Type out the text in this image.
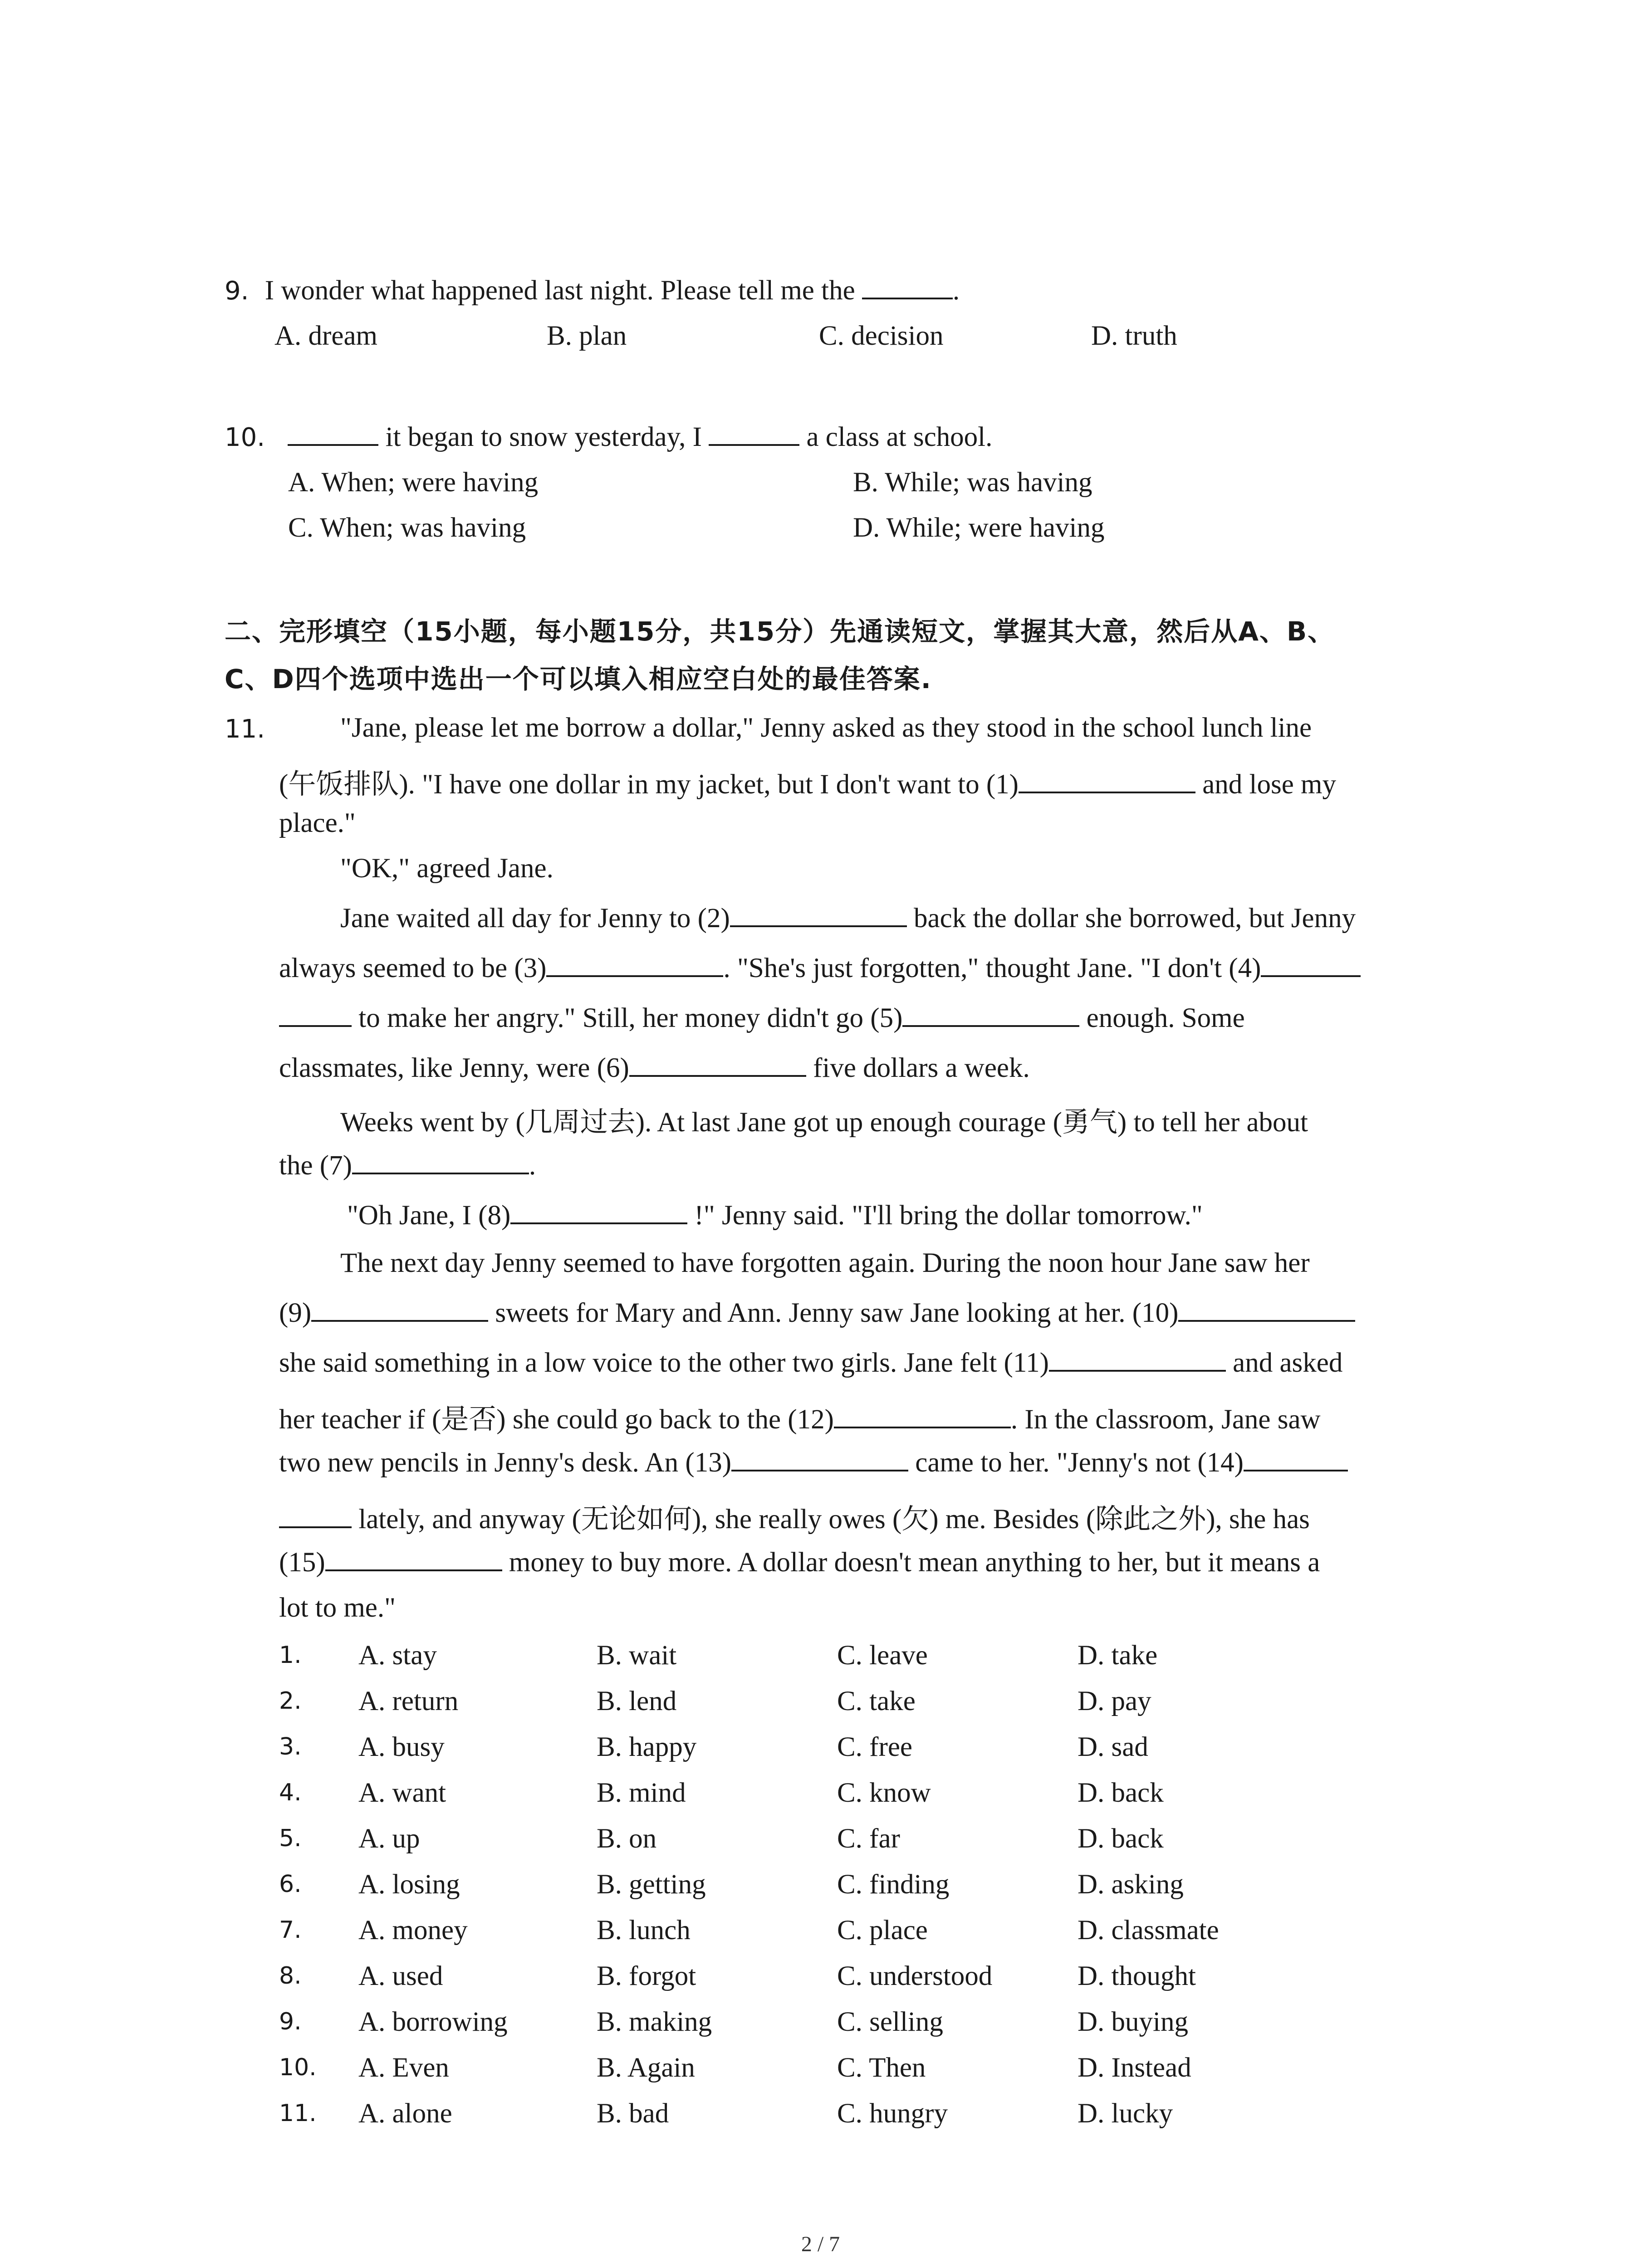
9. I wonder what happened last night. Please tell me the	.
A. dream	B. plan	C. decision	D. truth
10.	it began to snow yesterday, I	a class at school.
A. When; were having	B. While; was having
C. When; was having	D. While; were having
二、完形填空（15小题，每小题15分，共15分）先通读短文，掌握其大意，然后从A、B、
C、D四个选项中选出一个可以填入相应空白处的最佳答案.
11.	"Jane, please let me borrow a dollar," Jenny asked as they stood in the school lunch line
(午饭排队). "I have one dollar in my jacket, but I don't want to (1)	and lose my
place."
"OK," agreed Jane.
Jane waited all day for Jenny to (2)	back the dollar she borrowed, but Jenny
always seemed to be (3)	. "She's just forgotten," thought Jane. "I don't (4)
to make her angry." Still, her money didn't go (5)	enough. Some
classmates, like Jenny, were (6)	five dollars a week.
Weeks went by (几周过去). At last Jane got up enough courage (勇气) to tell her about
the (7)	.
"Oh Jane, I (8)	!" Jenny said. "I'll bring the dollar tomorrow."
The next day Jenny seemed to have forgotten again. During the noon hour Jane saw her
(9)	sweets for Mary and Ann. Jenny saw Jane looking at her. (10)
she said something in a low voice to the other two girls. Jane felt (11)	and asked
her teacher if (是否) she could go back to the (12)	. In the classroom, Jane saw
two new pencils in Jenny's desk. An (13)	came to her. "Jenny's not (14)
lately, and anyway (无论如何), she really owes (欠) me. Besides (除此之外), she has
(15)	money to buy more. A dollar doesn't mean anything to her, but it means a
lot to me."
1. A. stay	B. wait	C. leave	D. take
2. A. return	B. lend	C. take	D. pay
3. A. busy	B. happy	C. free	D. sad
4. A. want	B. mind	C. know	D. back
5. A. up	B. on	C. far	D. back
6. A. losing	B. getting	C. finding	D. asking
7. A. money	B. lunch	C. place	D. classmate
8. A. used	B. forgot	C. understood	D. thought
9. A. borrowing	B. making	C. selling	D. buying
10. A. Even	B. Again	C. Then	D. Instead
11. A. alone	B. bad	C. hungry	D. lucky
2 / 7
